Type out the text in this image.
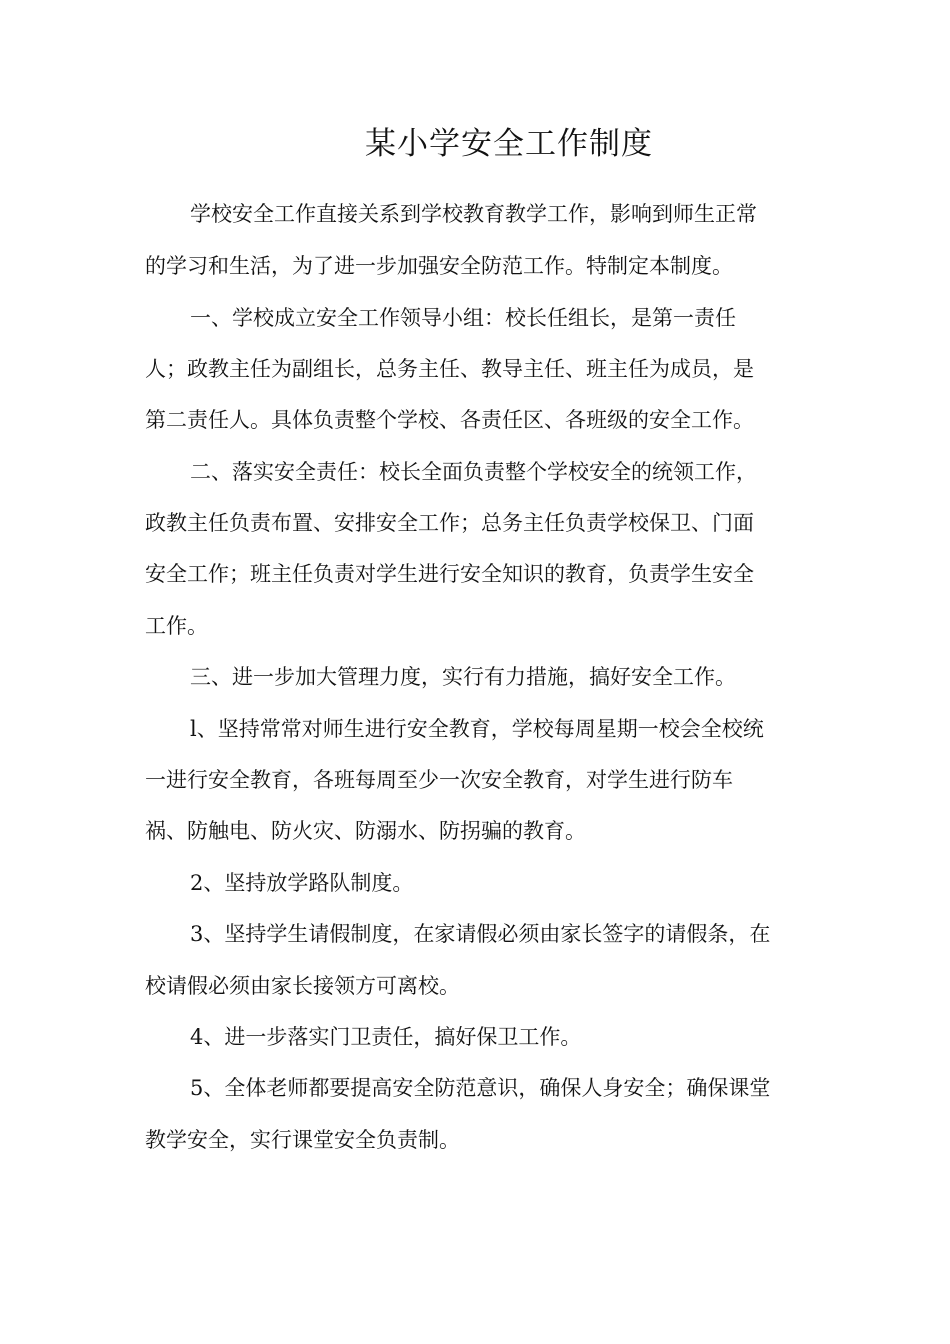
某小学安全工作制度
学校安全工作直接关系到学校教育教学工作，影响到师生正常
的学习和生活，为了进一步加强安全防范工作。特制定本制度。
一、学校成立安全工作领导小组：校长任组长，是第一责任
人；政教主任为副组长，总务主任、教导主任、班主任为成员，是
第二责任人。具体负责整个学校、各责任区、各班级的安全工作。
二、落实安全责任：校长全面负责整个学校安全的统领工作，
政教主任负责布置、安排安全工作；总务主任负责学校保卫、门面
安全工作；班主任负责对学生进行安全知识的教育，负责学生安全
工作。
三、进一步加大管理力度，实行有力措施，搞好安全工作。
l、坚持常常对师生进行安全教育，学校每周星期一校会全校统
一进行安全教育，各班每周至少一次安全教育，对学生进行防车
祸、防触电、防火灾、防溺水、防拐骗的教育。
2、坚持放学路队制度。
3、坚持学生请假制度，在家请假必须由家长签字的请假条，在
校请假必须由家长接领方可离校。
4、进一步落实门卫责任，搞好保卫工作。
5、全体老师都要提高安全防范意识，确保人身安全；确保课堂
教学安全，实行课堂安全负责制。
